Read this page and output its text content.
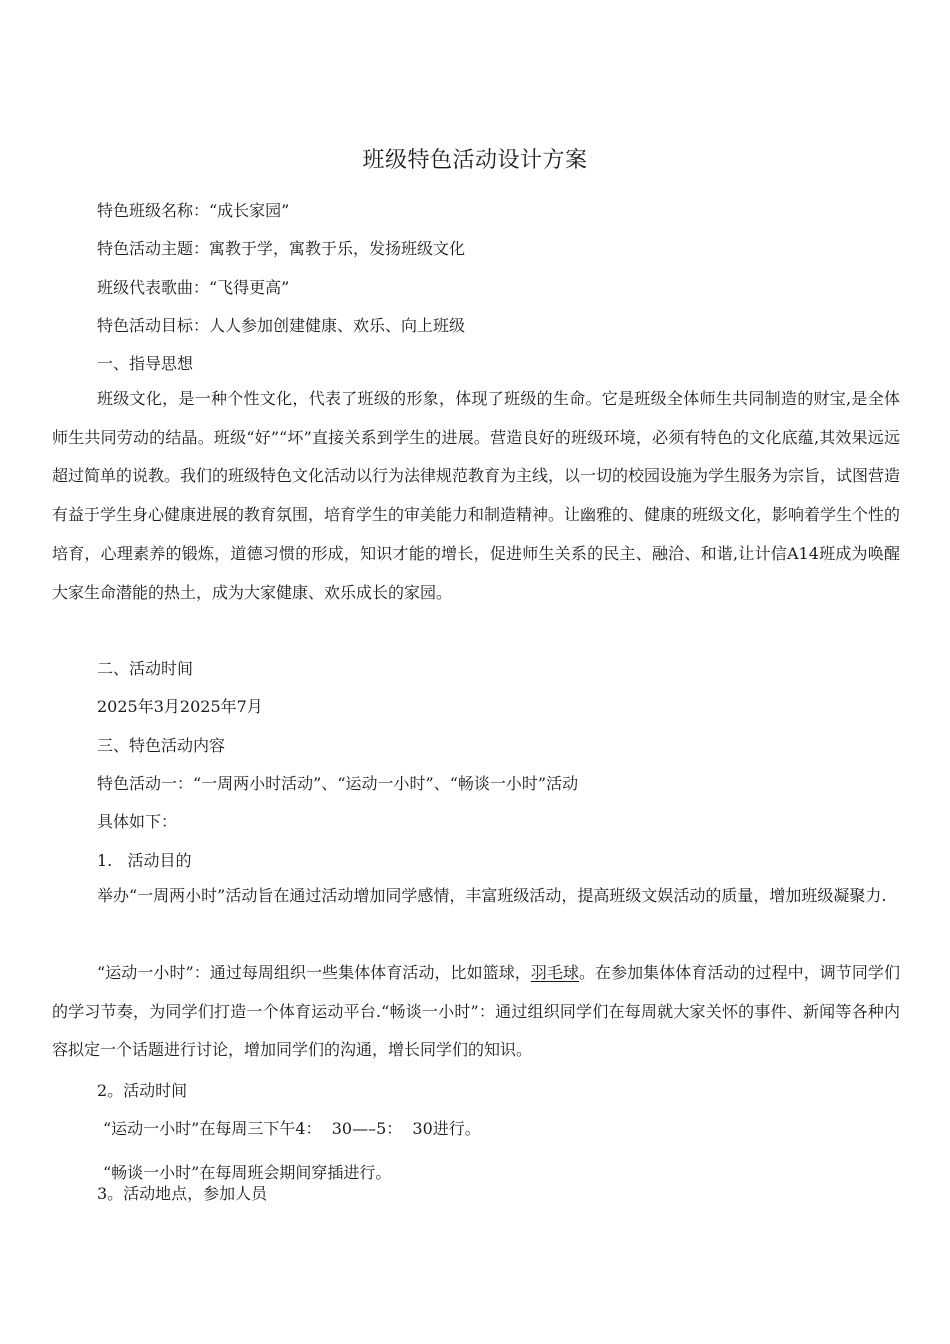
班级特色活动设计方案
特色班级名称：“成长家园”
特色活动主题：寓教于学，寓教于乐，发扬班级文化
班级代表歌曲：“飞得更高”
特色活动目标：人人参加创建健康、欢乐、向上班级
一、指导思想
班级文化，是一种个性文化，代表了班级的形象，体现了班级的生命。它是班级全体师生共同制造的财宝,是全体师生共同劳动的结晶。班级“好”“坏”直接关系到学生的进展。营造良好的班级环境，必须有特色的文化底蕴,其效果远远超过简单的说教。我们的班级特色文化活动以行为法律规范教育为主线，以一切的校园设施为学生服务为宗旨，试图营造有益于学生身心健康进展的教育氛围，培育学生的审美能力和制造精神。让幽雅的、健康的班级文化，影响着学生个性的培育，心理素养的锻炼，道德习惯的形成，知识才能的增长，促进师生关系的民主、融洽、和谐,让计信A14班成为唤醒大家生命潜能的热土，成为大家健康、欢乐成长的家园。
二、活动时间
2025年3月2025年7月
三、特色活动内容
特色活动一：“一周两小时活动”、“运动一小时”、“畅谈一小时”活动
具体如下：
1.   活动目的
举办“一周两小时”活动旨在通过活动增加同学感情，丰富班级活动，提高班级文娱活动的质量，增加班级凝聚力.
“运动一小时”：通过每周组织一些集体体育活动，比如篮球，羽毛球。在参加集体体育活动的过程中，调节同学们的学习节奏，为同学们打造一个体育运动平台.“畅谈一小时”：通过组织同学们在每周就大家关怀的事件、新闻等各种内容拟定一个话题进行讨论，增加同学们的沟通，增长同学们的知识。
2。活动时间
“运动一小时”在每周三下午4：  30—–5：  30进行。
“畅谈一小时”在每周班会期间穿插进行。
3。活动地点，参加人员
